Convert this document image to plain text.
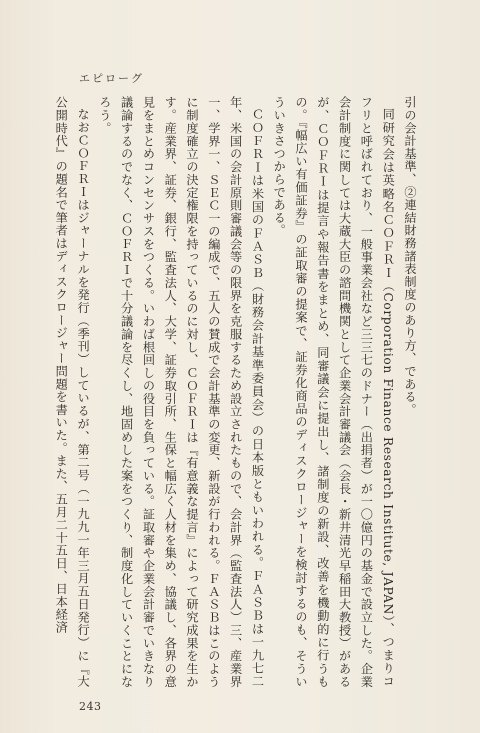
エピローグ

引の会計基準、②連結財務諸表制度のあり方、である。

同研究会は英略名ＣＯＦＲＩ（Corporation Finance Research Institute, JAPAN）、つまりコフリと呼ばれており、一般事業会社など三三七のドナー（出捐者）が一〇億円の基金で設立した。企業会計制度に関しては大蔵大臣の諮問機関として企業会計審議会（会長・新井清光早稲田大教授）があるが、ＣＯＦＲＩは提言や報告書をまとめ、同審議会に提出し、諸制度の新設、改善を機動的に行うもの。『幅広い有価証券』の証取審の提案で、証券化商品のディスクロージャーを検討するのも、そういういきさつからである。

ＣＯＦＲＩは米国のＦＡＳＢ（財務会計基準委員会）の日本版ともいわれる。ＦＡＳＢは一九七二年、米国の会計原則審議会等の限界を克服するため設立されたもので、会計界（監査法人）三、産業界一、学界一、ＳＥＣ一の編成で、五人の賛成で会計基準の変更、新設が行われる。ＦＡＳＢはこのように制度確立の決定権限を持っているのに対し、ＣＯＦＲＩは『有意義な提言』によって研究成果を生かす。産業界、証券、銀行、監査法人、大学、証券取引所、生保と幅広く人材を集め、協議し、各界の意見をまとめコンセンサスをつくる。いわば根回しの役目を負っている。証取審や企業会計審でいきなり議論するのでなく、ＣＯＦＲＩで十分議論を尽くし、地固めした案をつくり、制度化していくことになろう。

なおＣＯＦＲＩはジャーナルを発行（季刊）しているが、第二号（一九九一年三月五日発行）に『大公開時代』の題名で筆者はディスクロージャー問題を書いた。また、五月二十五日、日本経済

243
